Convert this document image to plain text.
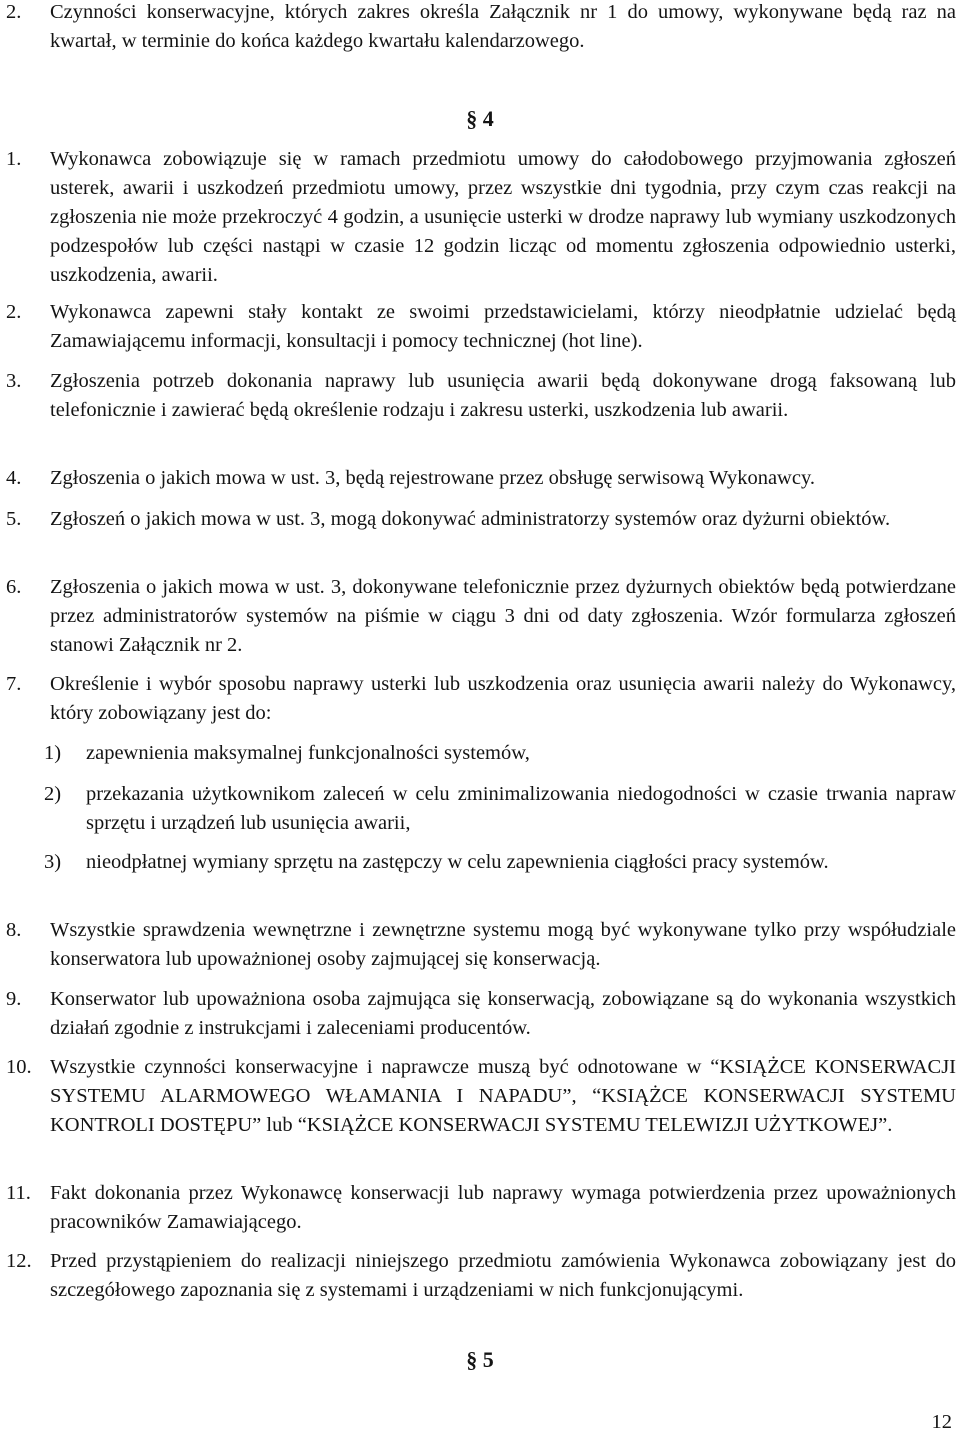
2. Czynności konserwacyjne, których zakres określa Załącznik nr 1 do umowy, wykonywane będą raz na kwartał, w terminie do końca każdego kwartału kalendarzowego.
§ 4
1. Wykonawca zobowiązuje się w ramach przedmiotu umowy do całodobowego przyjmowania zgłoszeń usterek, awarii i uszkodzeń przedmiotu umowy, przez wszystkie dni tygodnia, przy czym czas reakcji na zgłoszenia nie może przekroczyć 4 godzin, a usunięcie usterki w drodze naprawy lub wymiany uszkodzonych podzespołów lub części nastąpi w czasie 12 godzin licząc od momentu zgłoszenia odpowiednio usterki, uszkodzenia, awarii.
2. Wykonawca zapewni stały kontakt ze swoimi przedstawicielami, którzy nieodpłatnie udzielać będą Zamawiającemu informacji, konsultacji i pomocy technicznej (hot line).
3. Zgłoszenia potrzeb dokonania naprawy lub usunięcia awarii będą dokonywane drogą faksowaną lub telefonicznie i zawierać będą określenie rodzaju i zakresu usterki, uszkodzenia lub awarii.
4. Zgłoszenia o jakich mowa w ust. 3, będą rejestrowane przez obsługę serwisową Wykonawcy.
5. Zgłoszeń o jakich mowa w ust. 3, mogą dokonywać administratorzy systemów oraz dyżurni obiektów.
6. Zgłoszenia o jakich mowa w ust. 3, dokonywane telefonicznie przez dyżurnych obiektów będą potwierdzane przez administratorów systemów na piśmie w ciągu 3 dni od daty zgłoszenia. Wzór formularza zgłoszeń stanowi Załącznik nr 2.
7. Określenie i wybór sposobu naprawy usterki lub uszkodzenia oraz usunięcia awarii należy do Wykonawcy, który zobowiązany jest do:
1) zapewnienia maksymalnej funkcjonalności systemów,
2) przekazania użytkownikom zaleceń w celu zminimalizowania niedogodności w czasie trwania napraw sprzętu i urządzeń lub usunięcia awarii,
3) nieodpłatnej wymiany sprzętu na zastępczy w celu zapewnienia ciągłości pracy systemów.
8. Wszystkie sprawdzenia wewnętrzne i zewnętrzne systemu mogą być wykonywane tylko przy współudziale konserwatora lub upoważnionej osoby zajmującej się konserwacją.
9. Konserwator lub upoważniona osoba zajmująca się konserwacją, zobowiązane są do wykonania wszystkich działań zgodnie z instrukcjami i zaleceniami producentów.
10. Wszystkie czynności konserwacyjne i naprawcze muszą być odnotowane w “KSIĄŻCE KONSERWACJI SYSTEMU ALARMOWEGO WŁAMANIA I NAPADU”, “KSIĄŻCE KONSERWACJI SYSTEMU KONTROLI DOSTĘPU” lub “KSIĄŻCE KONSERWACJI SYSTEMU TELEWIZJI UŻYTKOWEJ”.
11. Fakt dokonania przez Wykonawcę konserwacji lub naprawy wymaga potwierdzenia przez upoważnionych pracowników Zamawiającego.
12. Przed przystąpieniem do realizacji niniejszego przedmiotu zamówienia Wykonawca zobowiązany jest do szczegółowego zapoznania się z systemami i urządzeniami w nich funkcjonującymi.
§ 5
12
